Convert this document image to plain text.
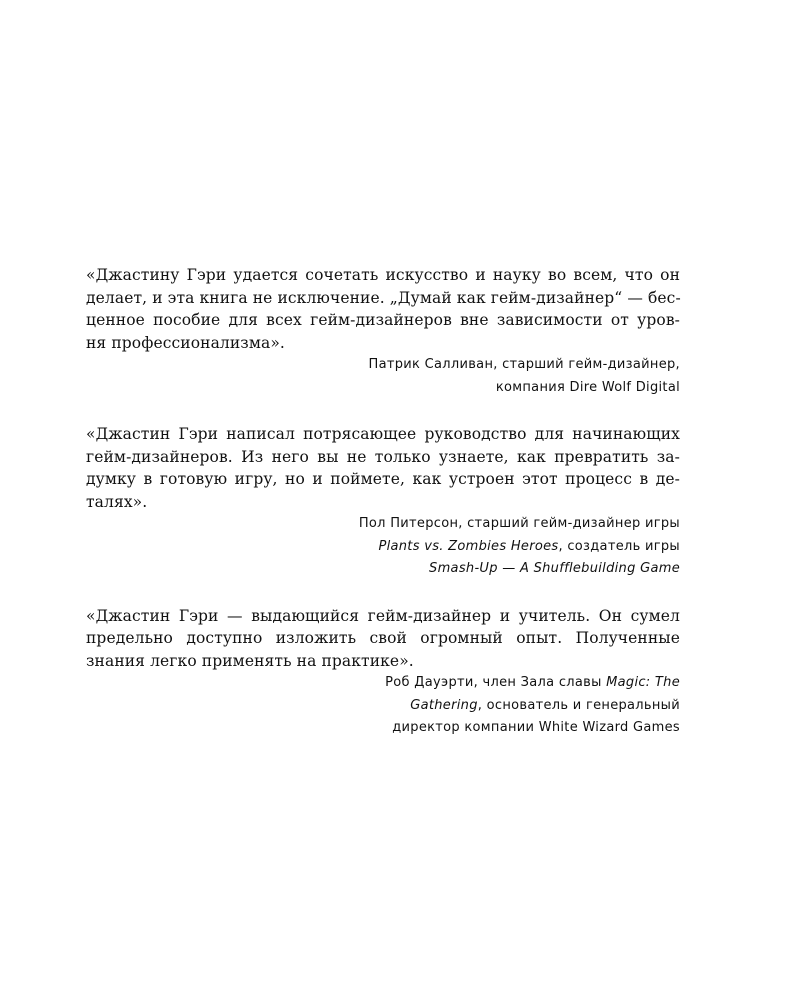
«Джастину Гэри удается сочетать искусство и науку во всем, что он
делает, и эта книга не исключение. „Думай как гейм-дизайнер“ — бес-
ценное пособие для всех гейм-дизайнеров вне зависимости от уров-
ня профессионализма».

Патрик Салливан, старший гейм-дизайнер,
компания Dire Wolf Digital

«Джастин Гэри написал потрясающее руководство для начинающих
гейм-дизайнеров. Из него вы не только узнаете, как превратить за-
думку в готовую игру, но и поймете, как устроен этот процесс в де-
талях».

Пол Питерсон, старший гейм-дизайнер игры
Plants vs. Zombies Heroes, создатель игры
Smash-Up — A Shufflebuilding Game

«Джастин Гэри — выдающийся гейм-дизайнер и учитель. Он сумел
предельно доступно изложить свой огромный опыт. Полученные
знания легко применять на практике».

Роб Дауэрти, член Зала славы Magic: The
Gathering, основатель и генеральный
директор компании White Wizard Games
